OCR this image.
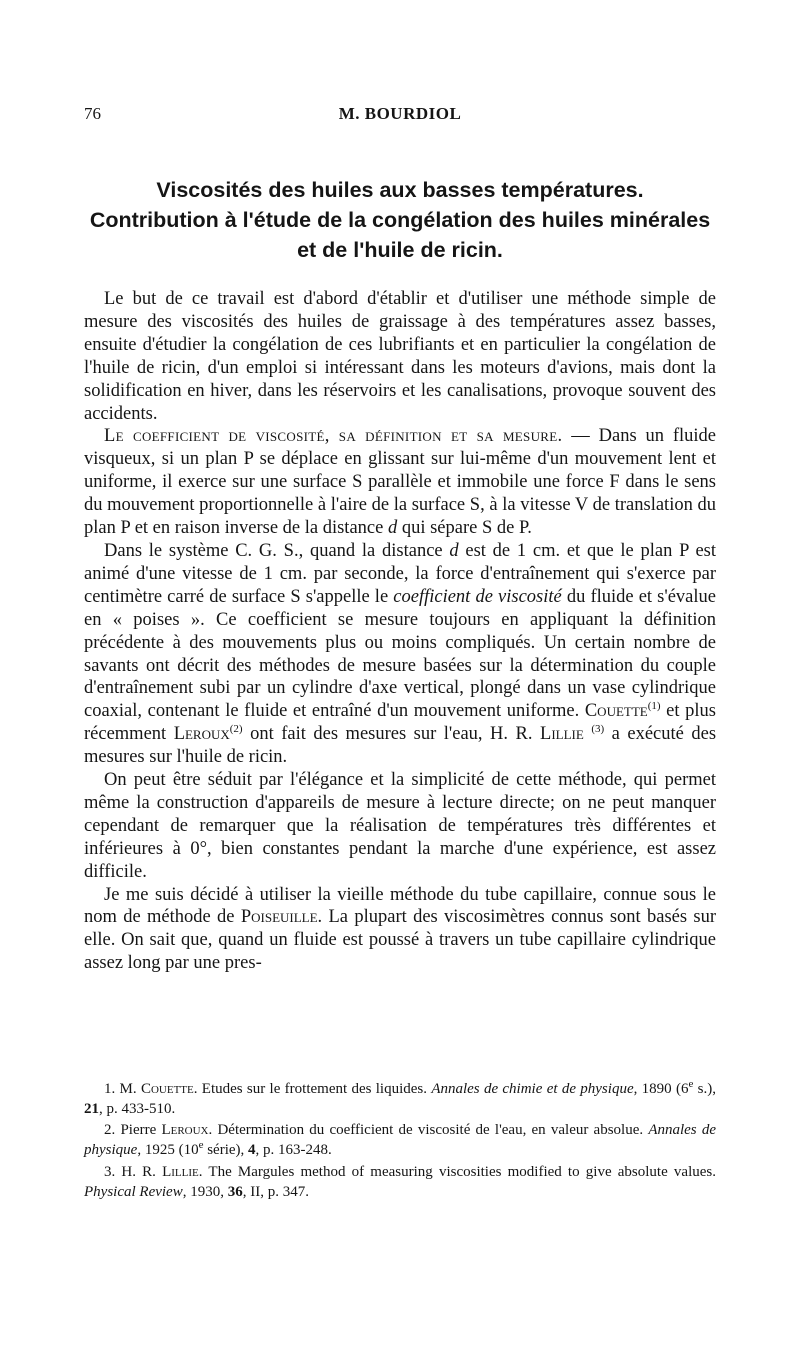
76	M. BOURDIOL
Viscosités des huiles aux basses températures.
Contribution à l'étude de la congélation des huiles minérales
et de l'huile de ricin.

Le but de ce travail est d'abord d'établir et d'utiliser une méthode simple de mesure des viscosités des huiles de graissage à des températures assez basses, ensuite d'étudier la congélation de ces lubrifiants et en particulier la congélation de l'huile de ricin, d'un emploi si intéressant dans les moteurs d'avions, mais dont la solidification en hiver, dans les réservoirs et les canalisations, provoque souvent des accidents.

Le coefficient de viscosité, sa définition et sa mesure. — Dans un fluide visqueux, si un plan P se déplace en glissant sur lui-même d'un mouvement lent et uniforme, il exerce sur une surface S parallèle et immobile une force F dans le sens du mouvement proportionnelle à l'aire de la surface S, à la vitesse V de translation du plan P et en raison inverse de la distance d qui sépare S de P.

Dans le système C. G. S., quand la distance d est de 1 cm. et que le plan P est animé d'une vitesse de 1 cm. par seconde, la force d'entraînement qui s'exerce par centimètre carré de surface S s'appelle le coefficient de viscosité du fluide et s'évalue en « poises ». Ce coefficient se mesure toujours en appliquant la définition précédente à des mouvements plus ou moins compliqués. Un certain nombre de savants ont décrit des méthodes de mesure basées sur la détermination du couple d'entraînement subi par un cylindre d'axe vertical, plongé dans un vase cylindrique coaxial, contenant le fluide et entraîné d'un mouvement uniforme. Couette$^{(1)}$ et plus récemment Leroux$^{(2)}$ ont fait des mesures sur l'eau, H. R. Lillie $^{(3)}$ a exécuté des mesures sur l'huile de ricin.

On peut être séduit par l'élégance et la simplicité de cette méthode, qui permet même la construction d'appareils de mesure à lecture directe; on ne peut manquer cependant de remarquer que la réalisation de températures très différentes et inférieures à 0°, bien constantes pendant la marche d'une expérience, est assez difficile.

Je me suis décidé à utiliser la vieille méthode du tube capillaire, connue sous le nom de méthode de Poiseuille. La plupart des viscosimètres connus sont basés sur elle. On sait que, quand un fluide est poussé à travers un tube capillaire cylindrique assez long par une pres-

1. M. Couette. Etudes sur le frottement des liquides. Annales de chimie et de physique, 1890 (6e s.), 21, p. 433-510.

2. Pierre Leroux. Détermination du coefficient de viscosité de l'eau, en valeur absolue. Annales de physique, 1925 (10e série), 4, p. 163-248.

3. H. R. Lillie. The Margules method of measuring viscosities modified to give absolute values. Physical Review, 1930, 36, II, p. 347.
